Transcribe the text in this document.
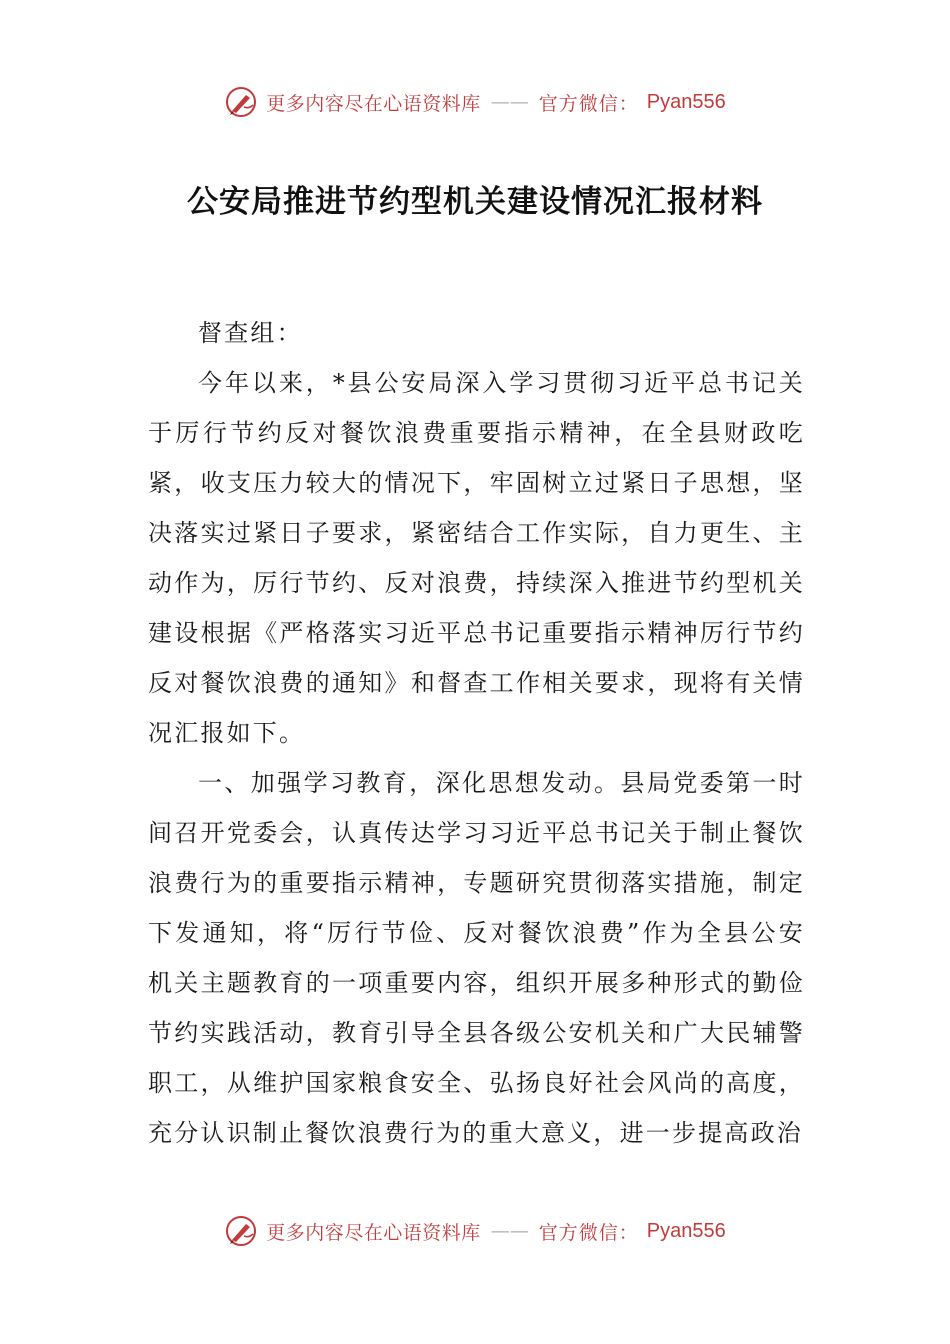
更多内容尽在心语资料库 —— 官方微信： Pyan556
公安局推进节约型机关建设情况汇报材料

督查组：

今年以来，*县公安局深入学习贯彻习近平总书记关于厉行节约反对餐饮浪费重要指示精神，在全县财政吃紧，收支压力较大的情况下，牢固树立过紧日子思想，坚决落实过紧日子要求，紧密结合工作实际，自力更生、主动作为，厉行节约、反对浪费，持续深入推进节约型机关建设根据《严格落实习近平总书记重要指示精神厉行节约反对餐饮浪费的通知》和督查工作相关要求，现将有关情况汇报如下。

一、加强学习教育，深化思想发动。县局党委第一时间召开党委会，认真传达学习习近平总书记关于制止餐饮浪费行为的重要指示精神，专题研究贯彻落实措施，制定下发通知，将“厉行节俭、反对餐饮浪费”作为全县公安机关主题教育的一项重要内容，组织开展多种形式的勤俭节约实践活动，教育引导全县各级公安机关和广大民辅警职工，从维护国家粮食安全、弘扬良好社会风尚的高度，充分认识制止餐饮浪费行为的重大意义，进一步提高政治

更多内容尽在心语资料库 —— 官方微信： Pyan556
